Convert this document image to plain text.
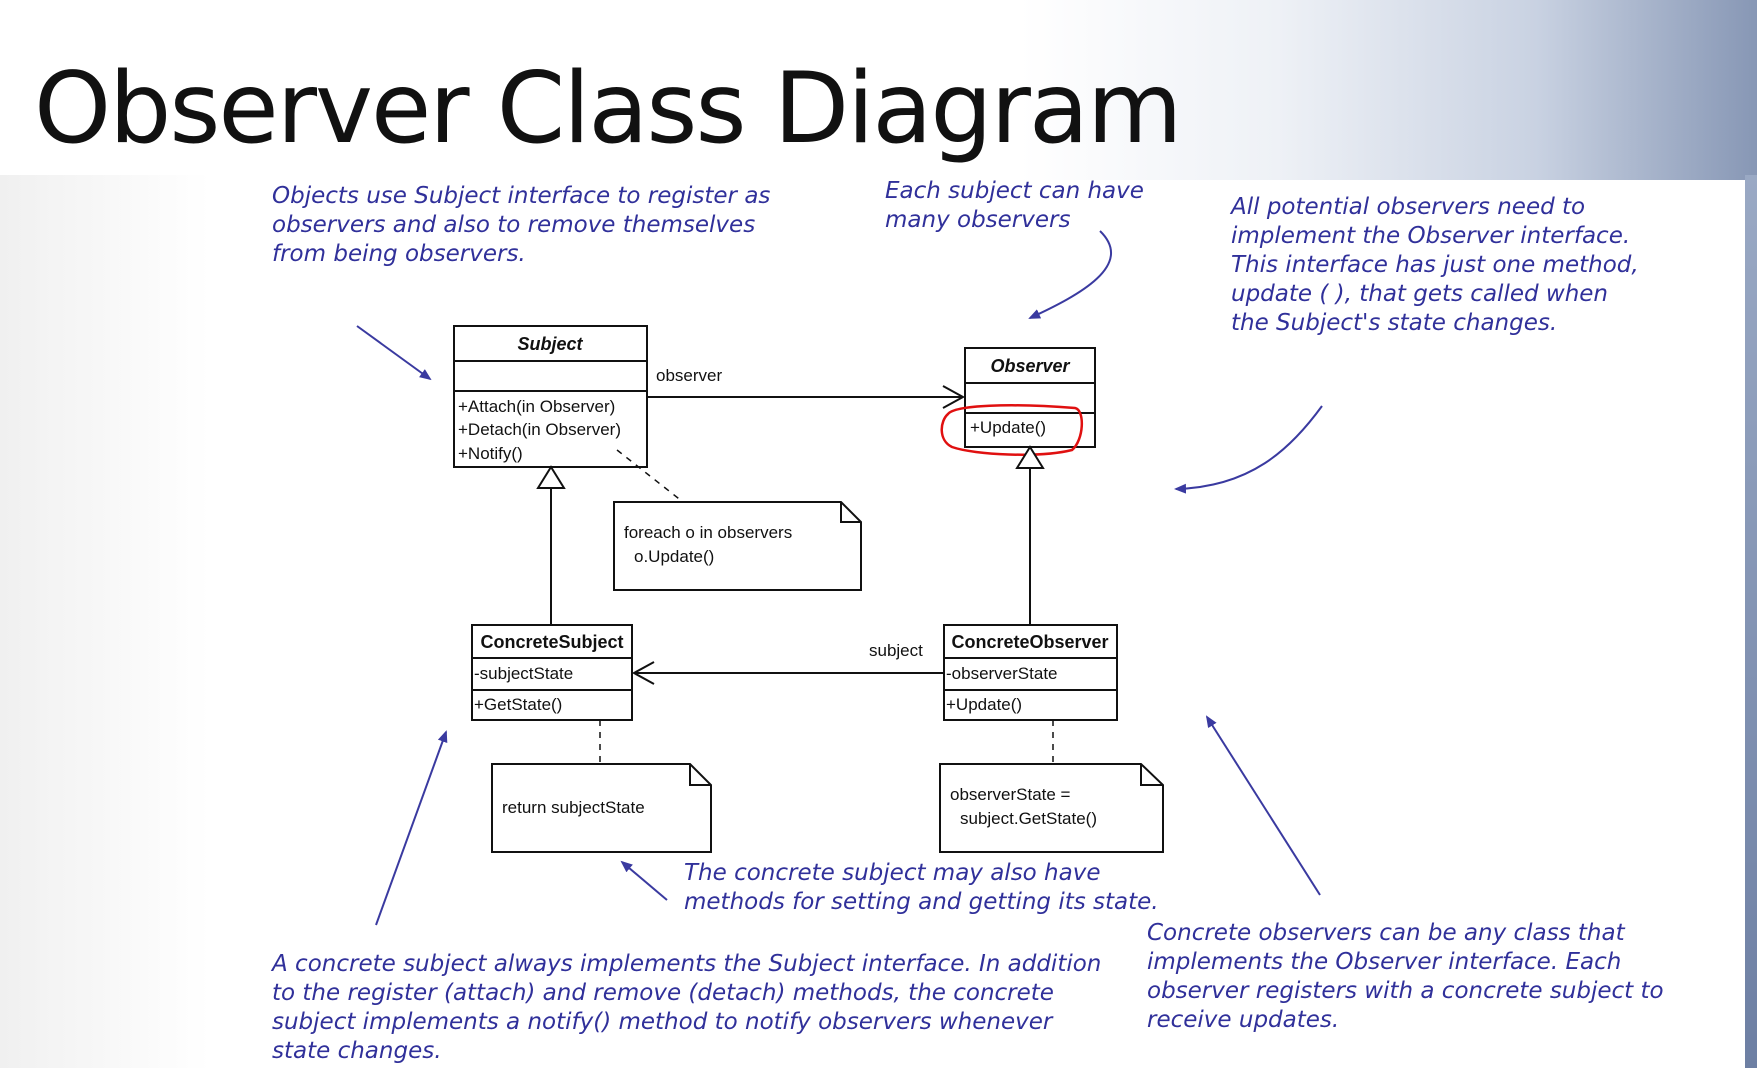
Observer Class Diagram

Objects use Subject interface to register as observers and also to remove themselves from being observers.

Each subject can have many observers	All potential observers need to implement the Observer interface. This interface has just one method, update ( ), that gets called when the Subject's state changes.

The concrete subject may also have methods for setting and getting its state.

A concrete subject always implements the Subject interface. In addition to the register (attach) and remove (detach) methods, the concrete subject implements a notify() method to notify observers whenever state changes.

Concrete observers can be any class that implements the Observer interface. Each observer registers with a concrete subject to receive updates.

Subject
+Attach(in Observer)
+Detach(in Observer)
+Notify()
Observer
+Update()
observer
ConcreteSubject
-subjectState
+GetState()
ConcreteObserver
-observerState
+Update()
subject
foreach o in observers
o.Update()
return subjectState
observerState =
subject.GetState()
